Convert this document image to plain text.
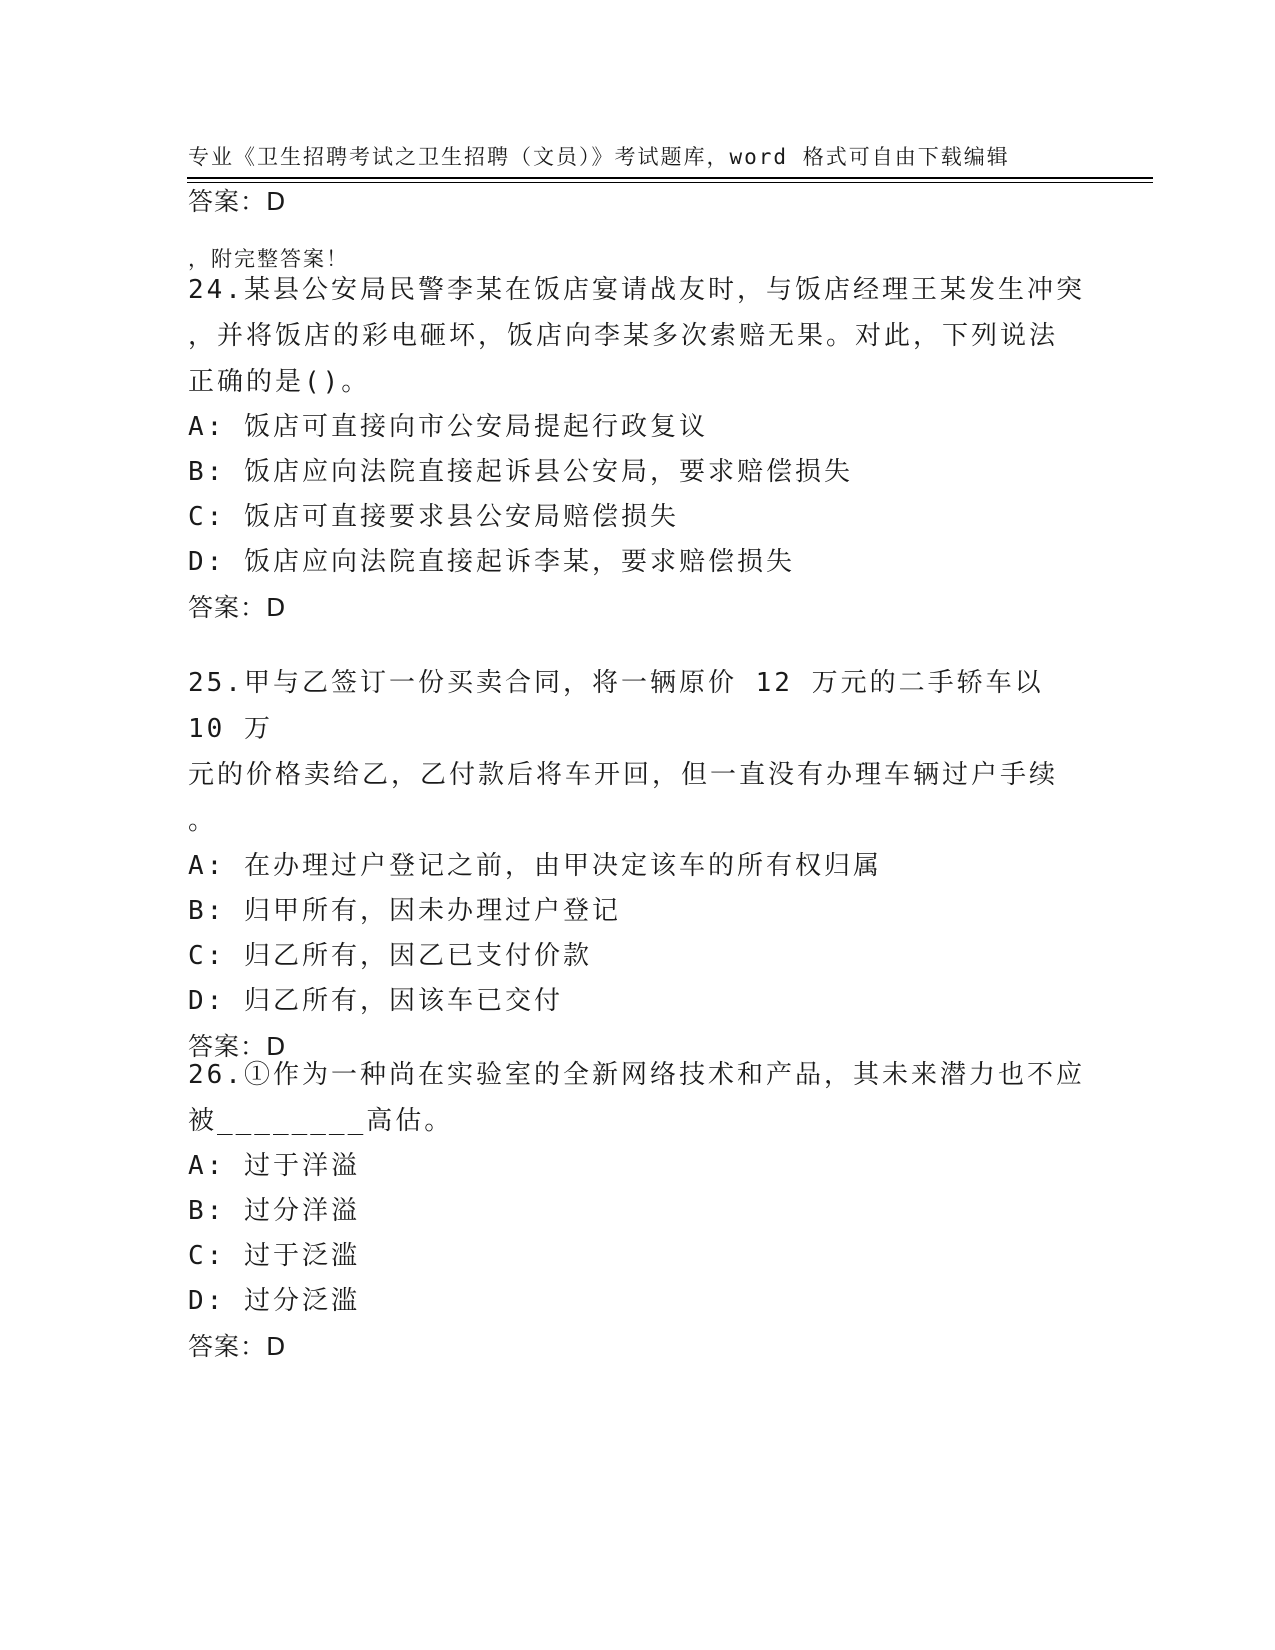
专业《卫生招聘考试之卫生招聘（文员）》考试题库，word 格式可自由下载编辑

，附完整答案！

答案：D

24.某县公安局民警李某在饭店宴请战友时，与饭店经理王某发生冲突

，并将饭店的彩电砸坏，饭店向李某多次索赔无果。对此，下列说法

正确的是()。

A: 饭店可直接向市公安局提起行政复议

B: 饭店应向法院直接起诉县公安局，要求赔偿损失

C: 饭店可直接要求县公安局赔偿损失

D: 饭店应向法院直接起诉李某，要求赔偿损失

答案：D

25.甲与乙签订一份买卖合同，将一辆原价 12 万元的二手轿车以 10 万

元的价格卖给乙，乙付款后将车开回，但一直没有办理车辆过户手续

。

A: 在办理过户登记之前，由甲决定该车的所有权归属

B: 归甲所有，因未办理过户登记

C: 归乙所有，因乙已支付价款

D: 归乙所有，因该车已交付

答案：D

26.①作为一种尚在实验室的全新网络技术和产品，其未来潜力也不应

被________高估。

A: 过于洋溢

B: 过分洋溢

C: 过于泛滥

D: 过分泛滥

答案：D
